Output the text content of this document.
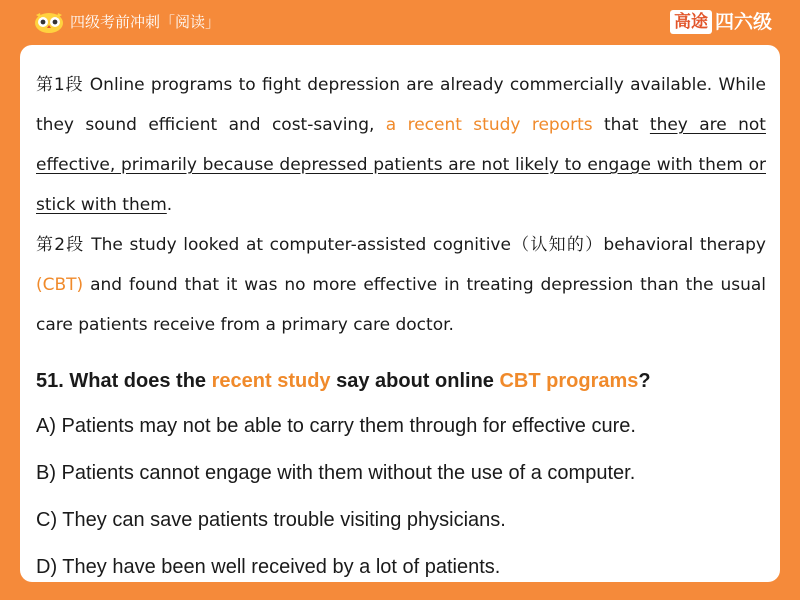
四级考前冲刺「阅读」	高途 四六级

第1段 Online programs to fight depression are already commercially available. While they sound efficient and cost-saving, a recent study reports that they are not effective, primarily because depressed patients are not likely to engage with them or stick with them.

第2段 The study looked at computer-assisted cognitive（认知的）behavioral therapy (CBT) and found that it was no more effective in treating depression than the usual care patients receive from a primary care doctor.

51. What does the recent study say about online CBT programs?
A) Patients may not be able to carry them through for effective cure.
B) Patients cannot engage with them without the use of a computer.
C) They can save patients trouble visiting physicians.
D) They have been well received by a lot of patients.
